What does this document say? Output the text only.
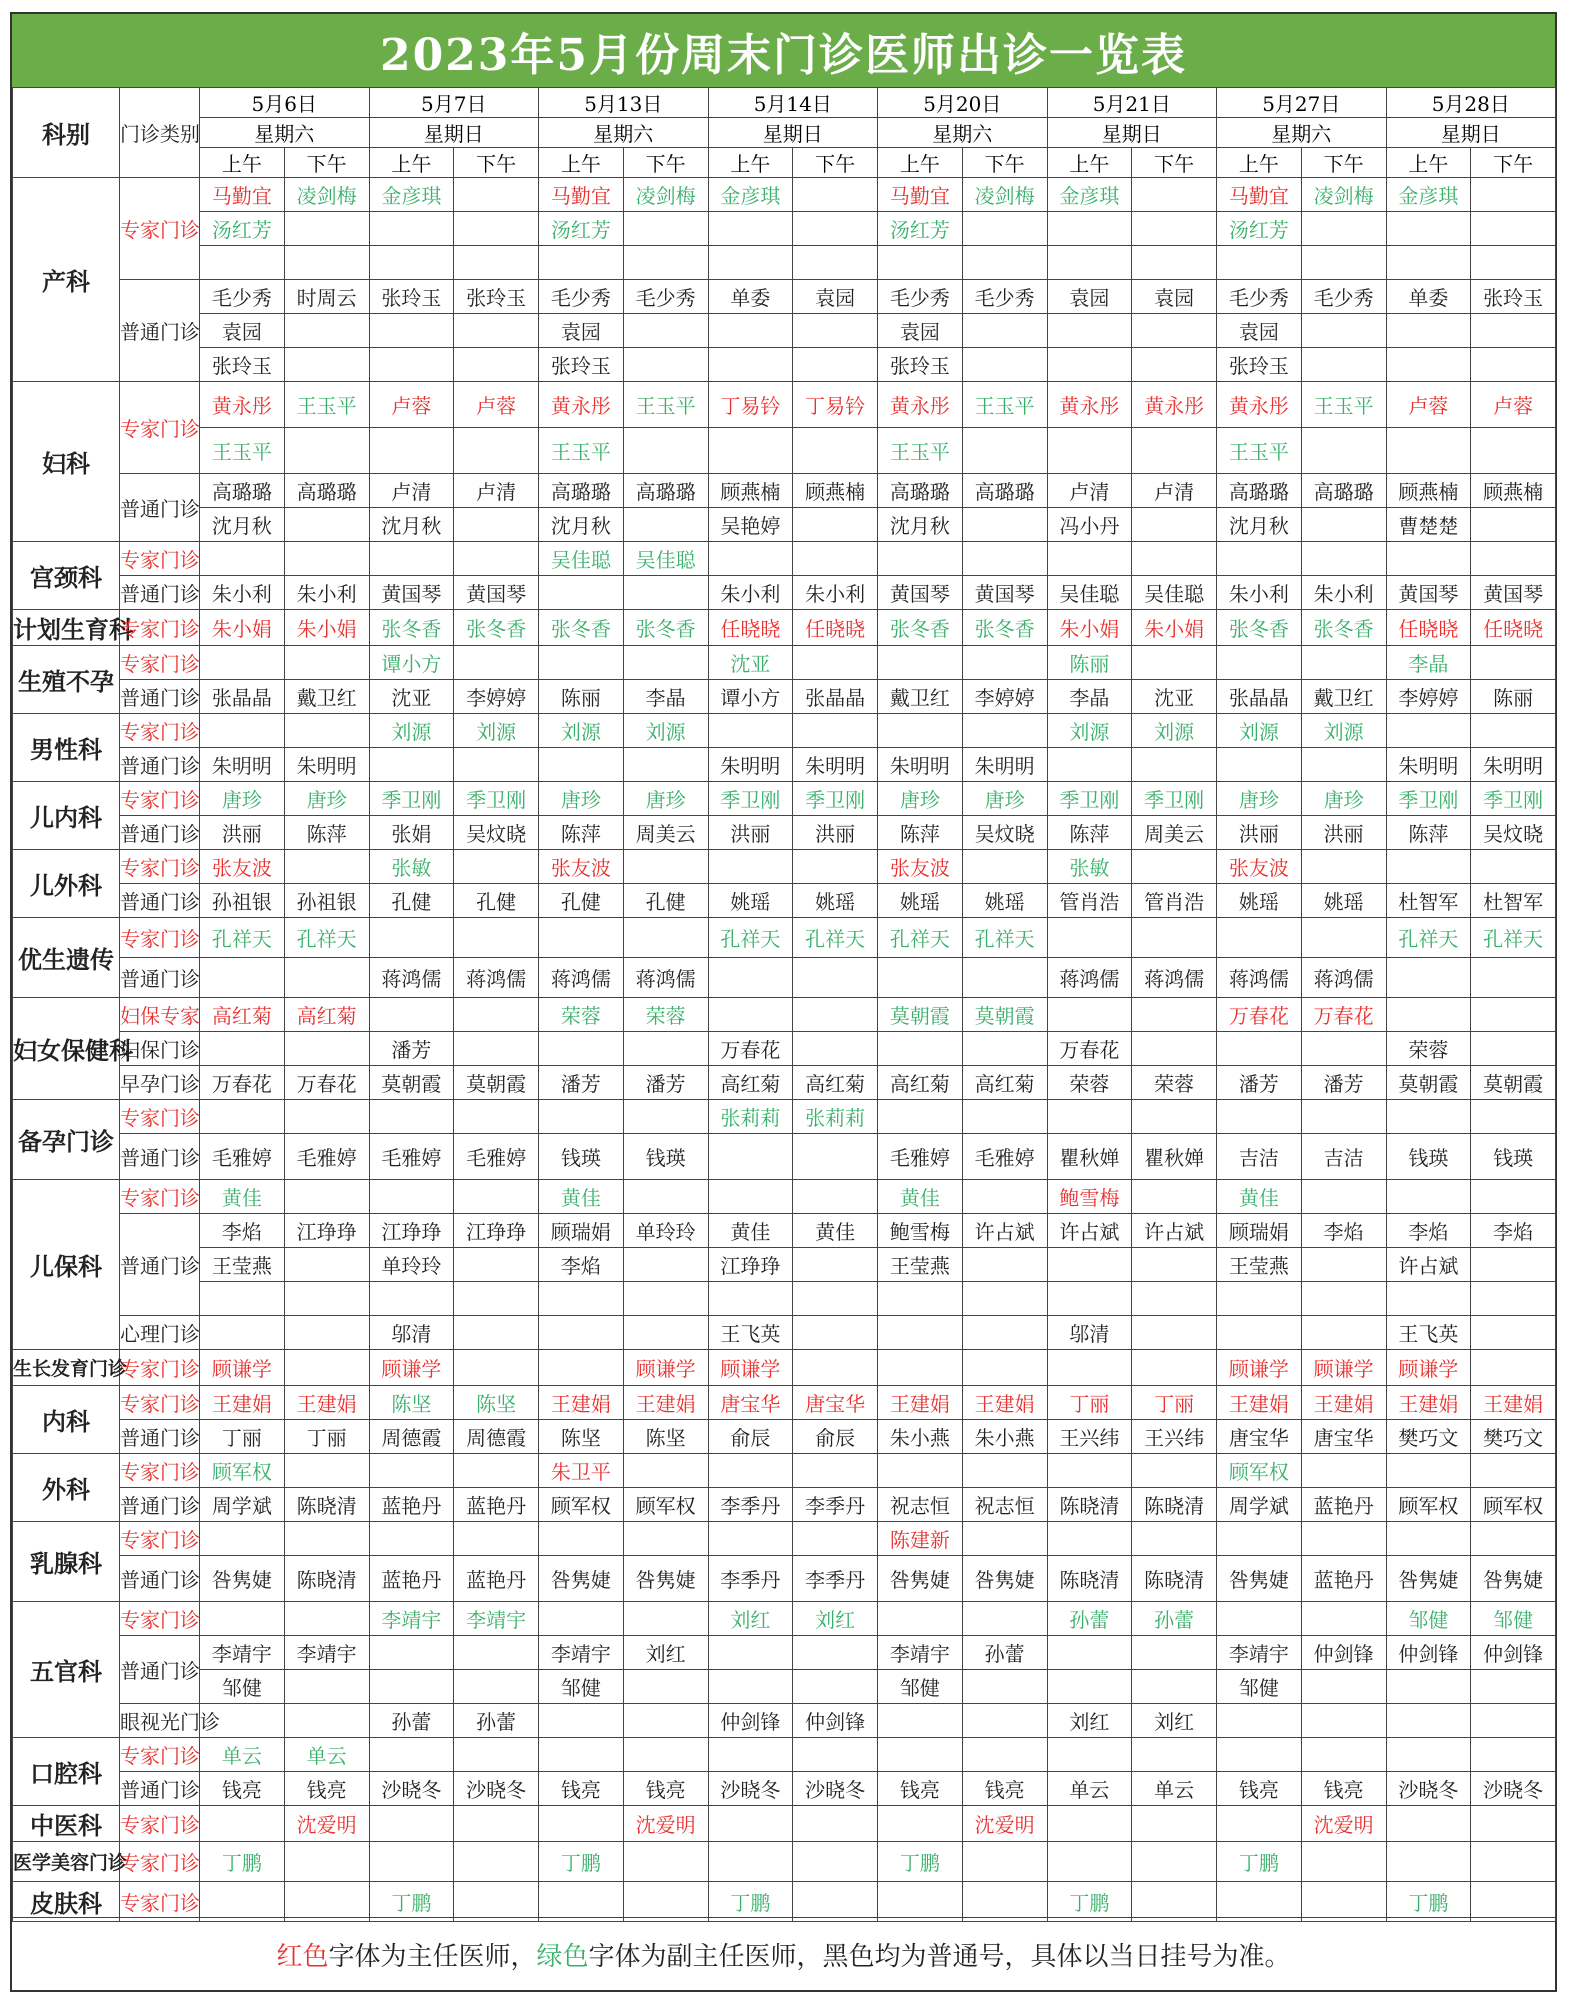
2023年5月份周末门诊医师出诊一览表
科别	门诊类别	5月6日		5月7日		5月13日		5月14日		5月20日		5月21日		5月27日		5月28日	
		星期六		星期日		星期六		星期日		星期六		星期日		星期六		星期日	
		上午	下午	上午	下午	上午	下午	上午	下午	上午	下午	上午	下午	上午	下午	上午	下午
产科	专家门诊	马勤宜	凌剑梅	金彦琪		马勤宜	凌剑梅	金彦琪		马勤宜	凌剑梅	金彦琪		马勤宜	凌剑梅	金彦琪	
		汤红芳				汤红芳				汤红芳				汤红芳			

	普通门诊	毛少秀	时周云	张玲玉	张玲玉	毛少秀	毛少秀	单委	袁园	毛少秀	毛少秀	袁园	袁园	毛少秀	毛少秀	单委	张玲玉
		袁园				袁园				袁园				袁园			
		张玲玉				张玲玉				张玲玉				张玲玉			
妇科	专家门诊	黄永彤	王玉平	卢蓉	卢蓉	黄永彤	王玉平	丁易钤	丁易钤	黄永彤	王玉平	黄永彤	黄永彤	黄永彤	王玉平	卢蓉	卢蓉
		王玉平				王玉平				王玉平				王玉平			
	普通门诊	高璐璐	高璐璐	卢清	卢清	高璐璐	高璐璐	顾燕楠	顾燕楠	高璐璐	高璐璐	卢清	卢清	高璐璐	高璐璐	顾燕楠	顾燕楠
		沈月秋		沈月秋		沈月秋		吴艳婷		沈月秋		冯小丹		沈月秋		曹楚楚	
宫颈科	专家门诊					吴佳聪	吴佳聪										
	普通门诊	朱小利	朱小利	黄国琴	黄国琴			朱小利	朱小利	黄国琴	黄国琴	吴佳聪	吴佳聪	朱小利	朱小利	黄国琴	黄国琴
计划生育科	专家门诊	朱小娟	朱小娟	张冬香	张冬香	张冬香	张冬香	任晓晓	任晓晓	张冬香	张冬香	朱小娟	朱小娟	张冬香	张冬香	任晓晓	任晓晓
生殖不孕	专家门诊			谭小方				沈亚				陈丽				李晶	
	普通门诊	张晶晶	戴卫红	沈亚	李婷婷	陈丽	李晶	谭小方	张晶晶	戴卫红	李婷婷	李晶	沈亚	张晶晶	戴卫红	李婷婷	陈丽
男性科	专家门诊			刘源	刘源	刘源	刘源					刘源	刘源	刘源	刘源		
	普通门诊	朱明明	朱明明					朱明明	朱明明	朱明明	朱明明					朱明明	朱明明
儿内科	专家门诊	唐珍	唐珍	季卫刚	季卫刚	唐珍	唐珍	季卫刚	季卫刚	唐珍	唐珍	季卫刚	季卫刚	唐珍	唐珍	季卫刚	季卫刚
	普通门诊	洪丽	陈萍	张娟	吴炆晓	陈萍	周美云	洪丽	洪丽	陈萍	吴炆晓	陈萍	周美云	洪丽	洪丽	陈萍	吴炆晓
儿外科	专家门诊	张友波		张敏		张友波				张友波		张敏		张友波			
	普通门诊	孙祖银	孙祖银	孔健	孔健	孔健	孔健	姚瑶	姚瑶	姚瑶	姚瑶	管肖浩	管肖浩	姚瑶	姚瑶	杜智军	杜智军
优生遗传	专家门诊	孔祥天	孔祥天					孔祥天	孔祥天	孔祥天	孔祥天					孔祥天	孔祥天
	普通门诊			蒋鸿儒	蒋鸿儒	蒋鸿儒	蒋鸿儒					蒋鸿儒	蒋鸿儒	蒋鸿儒	蒋鸿儒		
妇女保健科	妇保专家	高红菊	高红菊			荣蓉	荣蓉			莫朝霞	莫朝霞			万春花	万春花		
	妇保门诊			潘芳				万春花				万春花				荣蓉	
	早孕门诊	万春花	万春花	莫朝霞	莫朝霞	潘芳	潘芳	高红菊	高红菊	高红菊	高红菊	荣蓉	荣蓉	潘芳	潘芳	莫朝霞	莫朝霞
备孕门诊	专家门诊							张莉莉	张莉莉								
	普通门诊	毛雅婷	毛雅婷	毛雅婷	毛雅婷	钱瑛	钱瑛			毛雅婷	毛雅婷	瞿秋婵	瞿秋婵	吉洁	吉洁	钱瑛	钱瑛
儿保科	专家门诊	黄佳				黄佳				黄佳		鲍雪梅		黄佳			
	普通门诊	李焰	江琤琤	江琤琤	江琤琤	顾瑞娟	单玲玲	黄佳	黄佳	鲍雪梅	许占斌	许占斌	许占斌	顾瑞娟	李焰	李焰	李焰
		王莹燕		单玲玲		李焰		江琤琤		王莹燕				王莹燕		许占斌	

	心理门诊			邬清				王飞英				邬清				王飞英	
生长发育门诊	专家门诊	顾谦学		顾谦学			顾谦学	顾谦学						顾谦学	顾谦学	顾谦学	
内科	专家门诊	王建娟	王建娟	陈坚	陈坚	王建娟	王建娟	唐宝华	唐宝华	王建娟	王建娟	丁丽	丁丽	王建娟	王建娟	王建娟	王建娟
	普通门诊	丁丽	丁丽	周德霞	周德霞	陈坚	陈坚	俞辰	俞辰	朱小燕	朱小燕	王兴纬	王兴纬	唐宝华	唐宝华	樊巧文	樊巧文
外科	专家门诊	顾军权				朱卫平								顾军权			
	普通门诊	周学斌	陈晓清	蓝艳丹	蓝艳丹	顾军权	顾军权	李季丹	李季丹	祝志恒	祝志恒	陈晓清	陈晓清	周学斌	蓝艳丹	顾军权	顾军权
乳腺科	专家门诊									陈建新							
	普通门诊	咎隽婕	陈晓清	蓝艳丹	蓝艳丹	咎隽婕	咎隽婕	李季丹	李季丹	咎隽婕	咎隽婕	陈晓清	陈晓清	咎隽婕	蓝艳丹	咎隽婕	咎隽婕
五官科	专家门诊			李靖宇	李靖宇			刘红	刘红			孙蕾	孙蕾			邹健	邹健
	普通门诊	李靖宇	李靖宇			李靖宇	刘红			李靖宇	孙蕾			李靖宇	仲剑锋	仲剑锋	仲剑锋
		邹健				邹健				邹健				邹健			
	眼视光门诊			孙蕾	孙蕾			仲剑锋	仲剑锋			刘红	刘红				
口腔科	专家门诊	单云	单云														
	普通门诊	钱亮	钱亮	沙晓冬	沙晓冬	钱亮	钱亮	沙晓冬	沙晓冬	钱亮	钱亮	单云	单云	钱亮	钱亮	沙晓冬	沙晓冬
中医科	专家门诊		沈爱明				沈爱明				沈爱明				沈爱明		
医学美容门诊	专家门诊	丁鹏				丁鹏				丁鹏				丁鹏			
皮肤科	专家门诊			丁鹏				丁鹏				丁鹏				丁鹏	
红色 字体为主任医师， 绿色 字体为副主任医师，黑色均为普通号，具体以当日挂号为准。
